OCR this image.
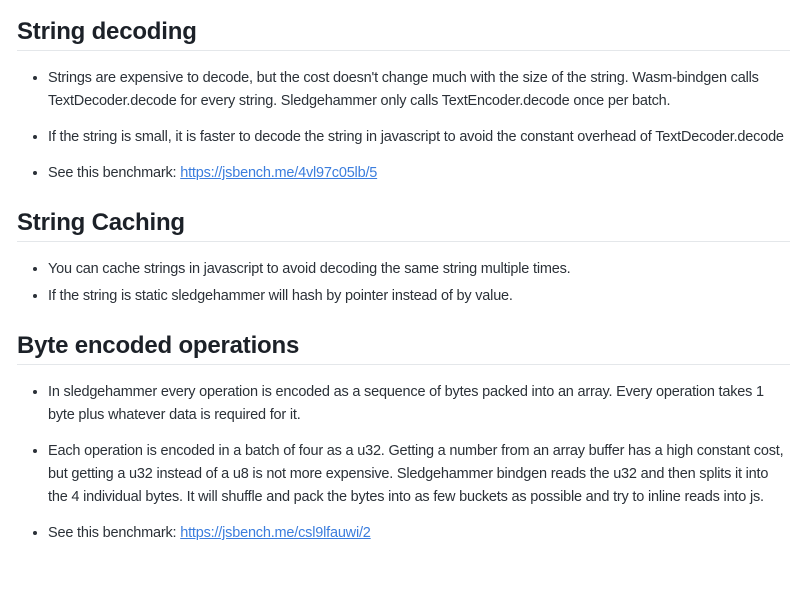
String decoding
• Strings are expensive to decode, but the cost doesn't change much with the size of the string. Wasm-bindgen calls TextDecoder.decode for every string. Sledgehammer only calls TextEncoder.decode once per batch.
• If the string is small, it is faster to decode the string in javascript to avoid the constant overhead of TextDecoder.decode
• See this benchmark: https://jsbench.me/4vl97c05lb/5
String Caching
• You can cache strings in javascript to avoid decoding the same string multiple times.
• If the string is static sledgehammer will hash by pointer instead of by value.
Byte encoded operations
• In sledgehammer every operation is encoded as a sequence of bytes packed into an array. Every operation takes 1 byte plus whatever data is required for it.
• Each operation is encoded in a batch of four as a u32. Getting a number from an array buffer has a high constant cost, but getting a u32 instead of a u8 is not more expensive. Sledgehammer bindgen reads the u32 and then splits it into the 4 individual bytes. It will shuffle and pack the bytes into as few buckets as possible and try to inline reads into js.
• See this benchmark: https://jsbench.me/csl9lfauwi/2
